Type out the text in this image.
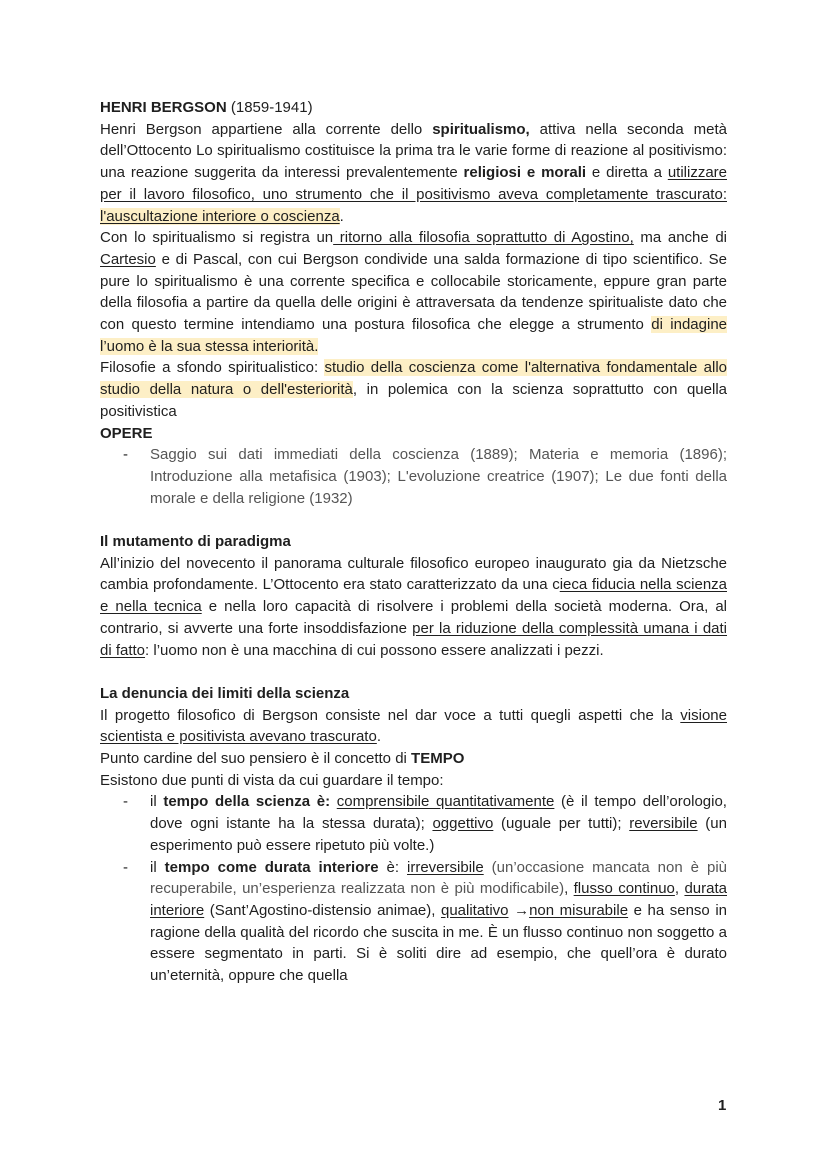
HENRI BERGSON (1859-1941)
Henri Bergson appartiene alla corrente dello spiritualismo, attiva nella seconda metà dell’Ottocento Lo spiritualismo costituisce la prima tra le varie forme di reazione al positivismo: una reazione suggerita da interessi prevalentemente religiosi e morali e diretta a utilizzare per il lavoro filosofico, uno strumento che il positivismo aveva completamente trascurato: l'auscultazione interiore o coscienza.
Con lo spiritualismo si registra un ritorno alla filosofia soprattutto di Agostino, ma anche di Cartesio e di Pascal, con cui Bergson condivide una salda formazione di tipo scientifico. Se pure lo spiritualismo è una corrente specifica e collocabile storicamente, eppure gran parte della filosofia a partire da quella delle origini è attraversata da tendenze spiritualiste dato che con questo termine intendiamo una postura filosofica che elegge a strumento di indagine l’uomo è la sua stessa interiorità.
Filosofie a sfondo spiritualistico: studio della coscienza come l'alternativa fondamentale allo studio della natura o dell'esteriorità, in polemica con la scienza soprattutto con quella positivistica
OPERE
- Saggio sui dati immediati della coscienza (1889); Materia e memoria (1896); Introduzione alla metafisica (1903); L'evoluzione creatrice (1907); Le due fonti della morale e della religione (1932)
Il mutamento di paradigma
All’inizio del novecento il panorama culturale filosofico europeo inaugurato gia da Nietzsche cambia profondamente. L’Ottocento era stato caratterizzato da una cieca fiducia nella scienza e nella tecnica e nella loro capacità di risolvere i problemi della società moderna. Ora, al contrario, si avverte una forte insoddisfazione per la riduzione della complessità umana i dati di fatto: l’uomo non è una macchina di cui possono essere analizzati i pezzi.
La denuncia dei limiti della scienza
Il progetto filosofico di Bergson consiste nel dar voce a tutti quegli aspetti che la visione scientista e positivista avevano trascurato.
Punto cardine del suo pensiero è il concetto di TEMPO
Esistono due punti di vista da cui guardare il tempo:
- il tempo della scienza è: comprensibile quantitativamente (è il tempo dell’orologio, dove ogni istante ha la stessa durata); oggettivo (uguale per tutti); reversibile (un esperimento può essere ripetuto più volte.)
- il tempo come durata interiore è: irreversibile (un’occasione mancata non è più recuperabile, un’esperienza realizzata non è più modificabile), flusso continuo, durata interiore (Sant’Agostino-distensio animae), qualitativo →non misurabile e ha senso in ragione della qualità del ricordo che suscita in me. È un flusso continuo non soggetto a essere segmentato in parti. Si è soliti dire ad esempio, che quell’ora è durato un’eternità, oppure che quella
1
